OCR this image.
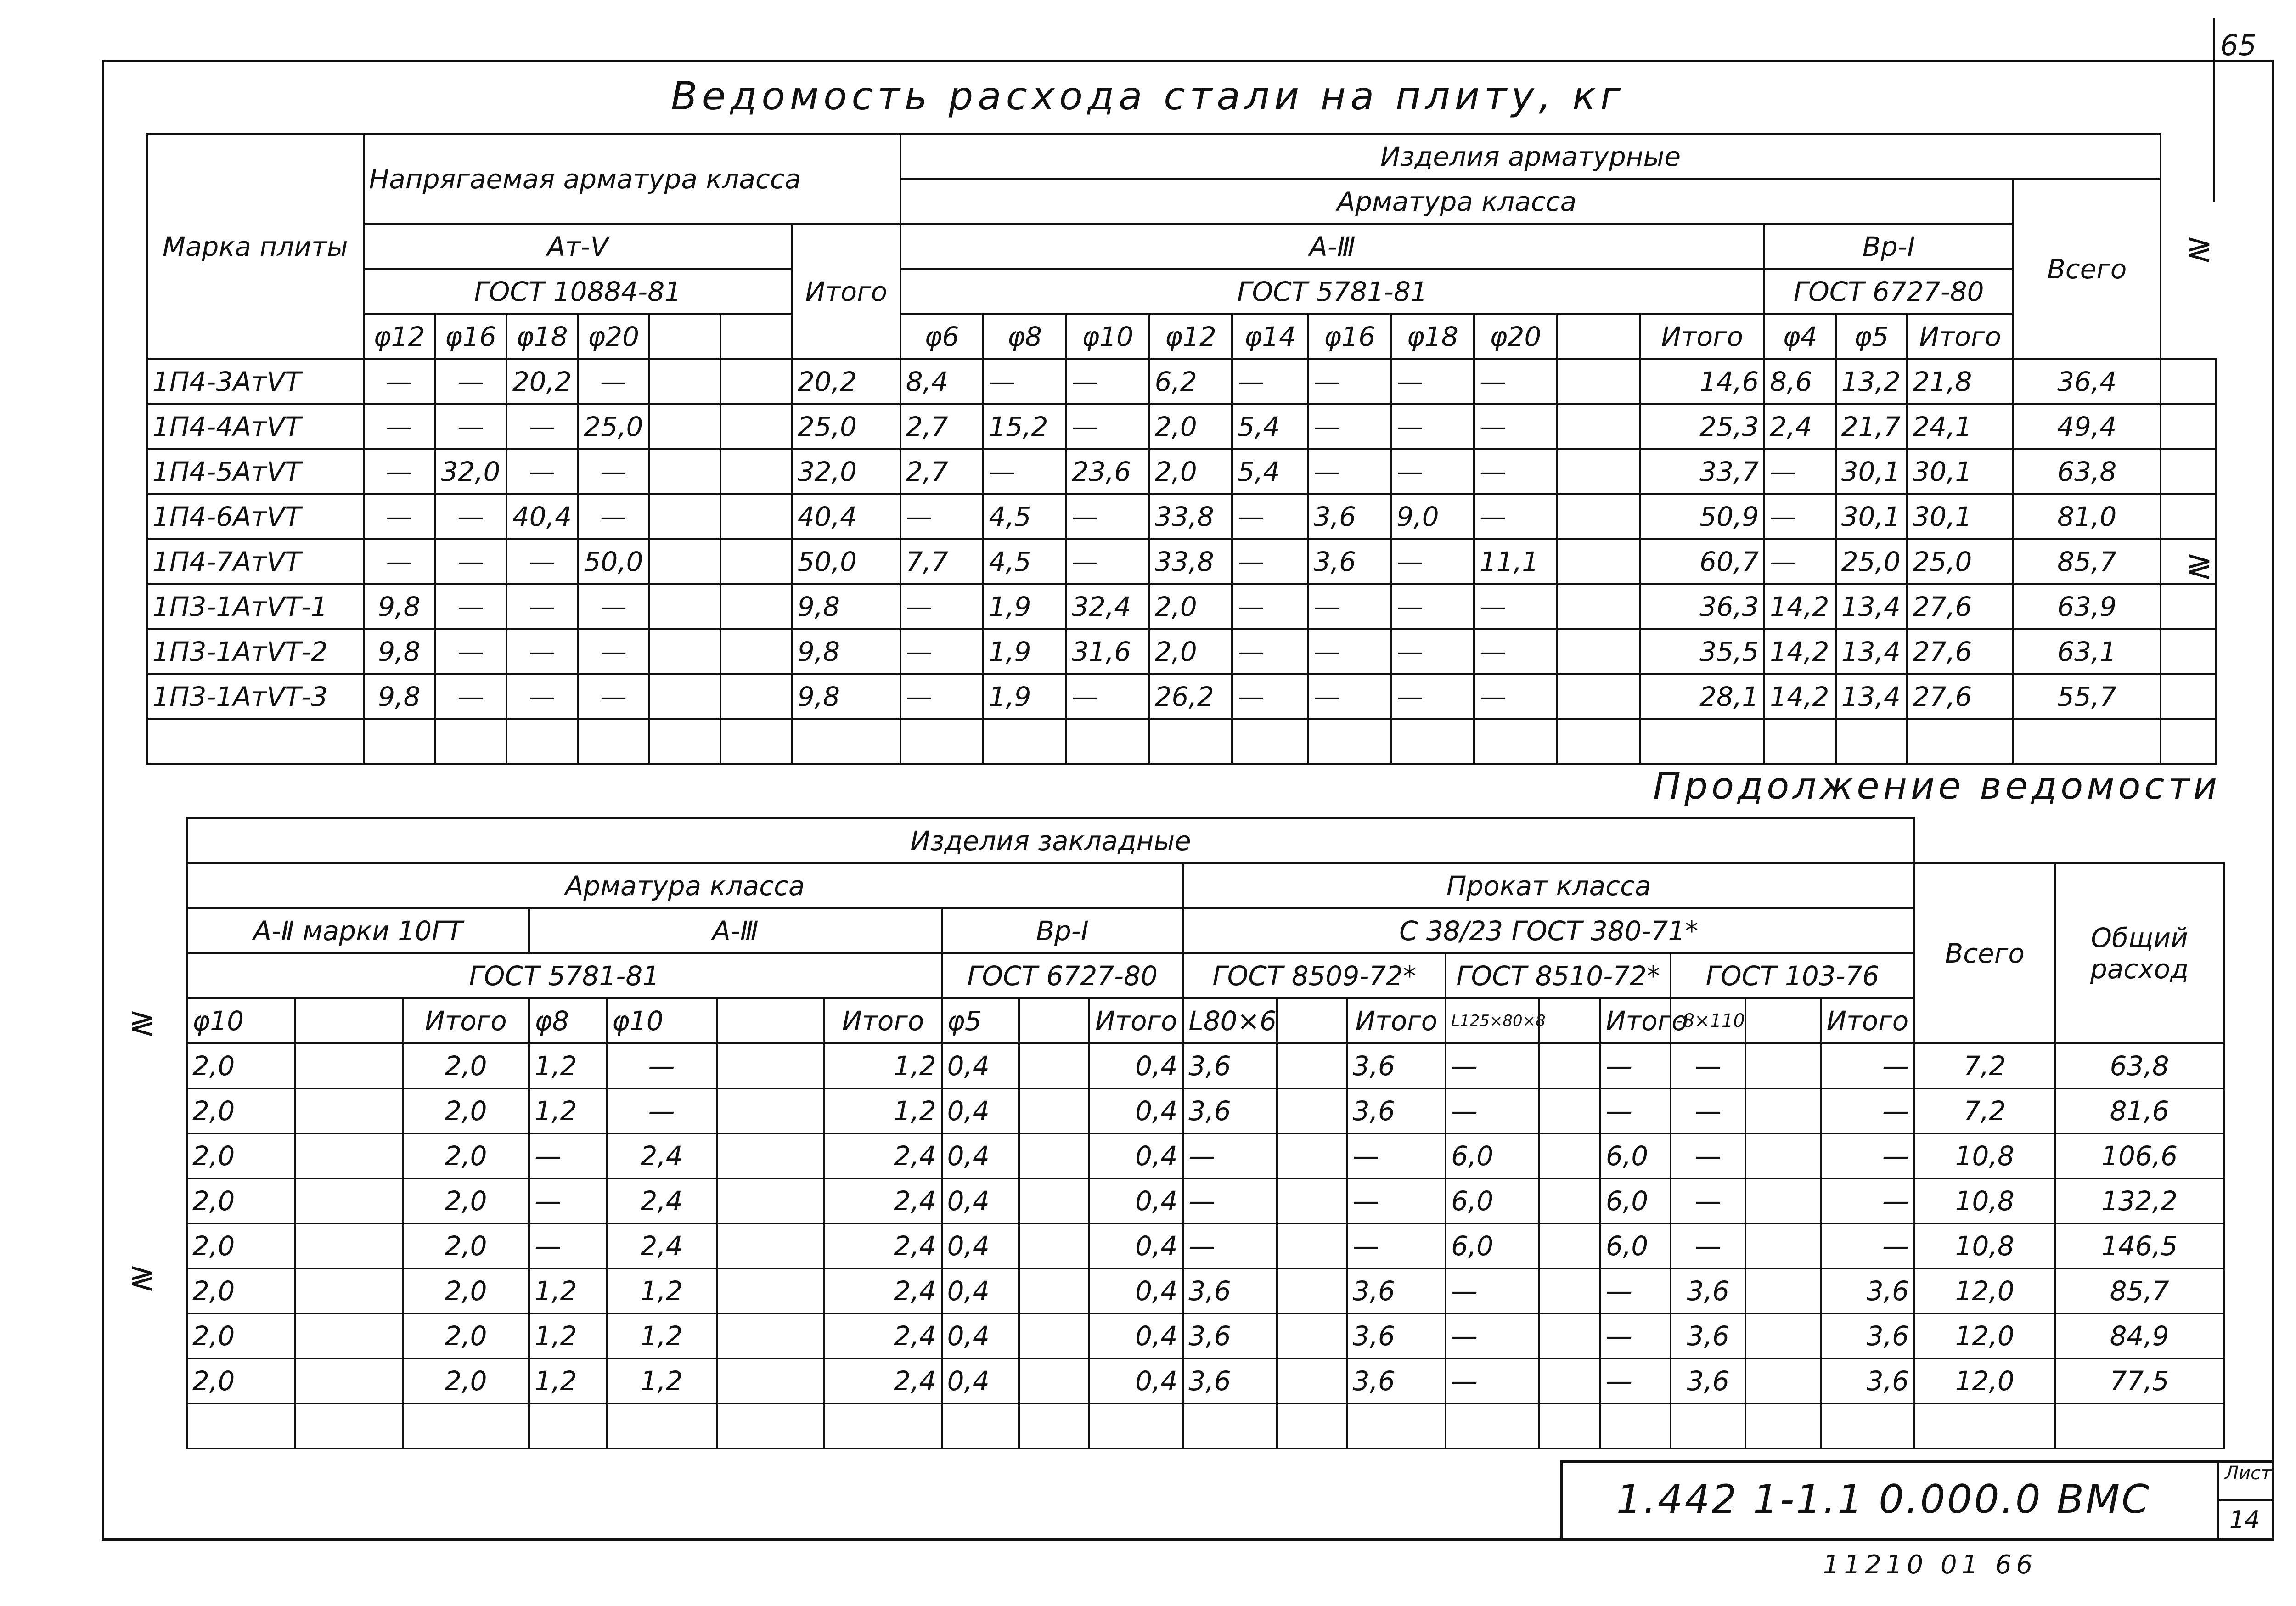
65
Ведомость расхода стали на плиту, кг
Марка плиты	Напрягаемая арматура класса							Изделия арматурные														
								Арматура класса													Всего	
	Ат-Ⅴ						Итого	А-Ⅲ										Вр-Ⅰ				
	ГОСТ 10884-81							ГОСТ 5781-81										ГОСТ 6727-80				
	φ12	φ16	φ18	φ20				φ6	φ8	φ10	φ12	φ14	φ16	φ18	φ20		Итого	φ4	φ5	Итого		
1П4-3АтⅤТ	—	—	20,2	—			20,2	8,4	—	—	6,2	—	—	—	—		14,6	8,6	13,2	21,8	36,4	
1П4-4АтⅤТ	—	—	—	25,0			25,0	2,7	15,2	—	2,0	5,4	—	—	—		25,3	2,4	21,7	24,1	49,4	
1П4-5АтⅤТ	—	32,0	—	—			32,0	2,7	—	23,6	2,0	5,4	—	—	—		33,7	—	30,1	30,1	63,8	
1П4-6АтⅤТ	—	—	40,4	—			40,4	—	4,5	—	33,8	—	3,6	9,0	—		50,9	—	30,1	30,1	81,0	
1П4-7АтⅤТ	—	—	—	50,0			50,0	7,7	4,5	—	33,8	—	3,6	—	11,1		60,7	—	25,0	25,0	85,7	
1П3-1АтⅤТ-1	9,8	—	—	—			9,8	—	1,9	32,4	2,0	—	—	—	—		36,3	14,2	13,4	27,6	63,9	
1П3-1АтⅤТ-2	9,8	—	—	—			9,8	—	1,9	31,6	2,0	—	—	—	—		35,5	14,2	13,4	27,6	63,1	
1П3-1АтⅤТ-3	9,8	—	—	—			9,8	—	1,9	—	26,2	—	—	—	—		28,1	14,2	13,4	27,6	55,7	

Продолжение ведомости
Изделия закладные																				
Арматура класса										Прокат класса									Всего	Общий расход
А-Ⅱ марки 10ГТ			А-Ⅲ				Вр-Ⅰ			С 38/23 ГОСТ 380-71*										
ГОСТ 5781-81							ГОСТ 6727-80			ГОСТ 8509-72*			ГОСТ 8510-72*			ГОСТ 103-76				
φ10		Итого	φ8	φ10		Итого	φ5		Итого	L80×6		Итого	L125×80×8		Итого	-8×110		Итого		
2,0		2,0	1,2	—		1,2	0,4		0,4	3,6		3,6	—		—	—		—	7,2	63,8
2,0		2,0	1,2	—		1,2	0,4		0,4	3,6		3,6	—		—	—		—	7,2	81,6
2,0		2,0	—	2,4		2,4	0,4		0,4	—		—	6,0		6,0	—		—	10,8	106,6
2,0		2,0	—	2,4		2,4	0,4		0,4	—		—	6,0		6,0	—		—	10,8	132,2
2,0		2,0	—	2,4		2,4	0,4		0,4	—		—	6,0		6,0	—		—	10,8	146,5
2,0		2,0	1,2	1,2		2,4	0,4		0,4	3,6		3,6	—		—	3,6		3,6	12,0	85,7
2,0		2,0	1,2	1,2		2,4	0,4		0,4	3,6		3,6	—		—	3,6		3,6	12,0	84,9
2,0		2,0	1,2	1,2		2,4	0,4		0,4	3,6		3,6	—		—	3,6		3,6	12,0	77,5

≷
≷
≷
≷
1.442 1-1.1 0.000.0 ВМС
Лист
14
11210 01 66
